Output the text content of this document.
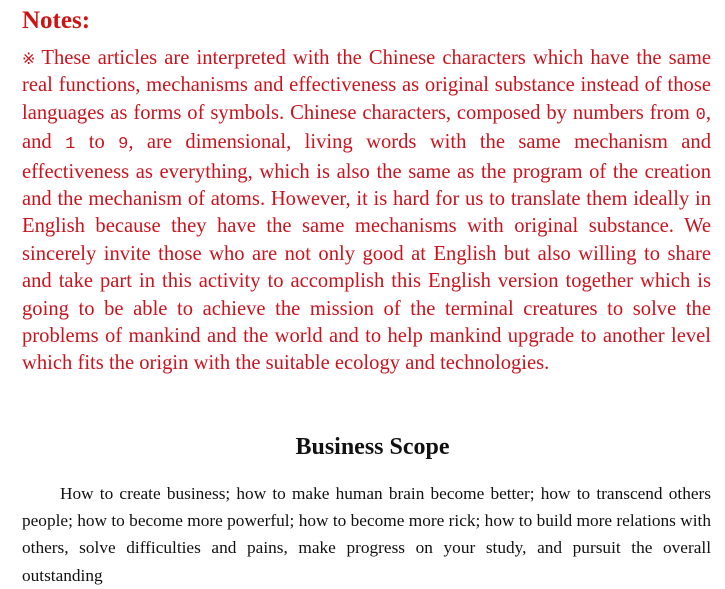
Notes:

※ These articles are interpreted with the Chinese characters which have the same real functions, mechanisms and effectiveness as original substance instead of those languages as forms of symbols. Chinese characters, composed by numbers from 0, and 1 to 9, are dimensional, living words with the same mechanism and effectiveness as everything, which is also the same as the program of the creation and the mechanism of atoms. However, it is hard for us to translate them ideally in English because they have the same mechanisms with original substance. We sincerely invite those who are not only good at English but also willing to share and take part in this activity to accomplish this English version together which is going to be able to achieve the mission of the terminal creatures to solve the problems of mankind and the world and to help mankind upgrade to another level which fits the origin with the suitable ecology and technologies.

Business Scope

How to create business; how to make human brain become better; how to transcend others people; how to become more powerful; how to become more rick; how to build more relations with others, solve difficulties and pains, make progress on your study, and pursuit the overall outstanding
